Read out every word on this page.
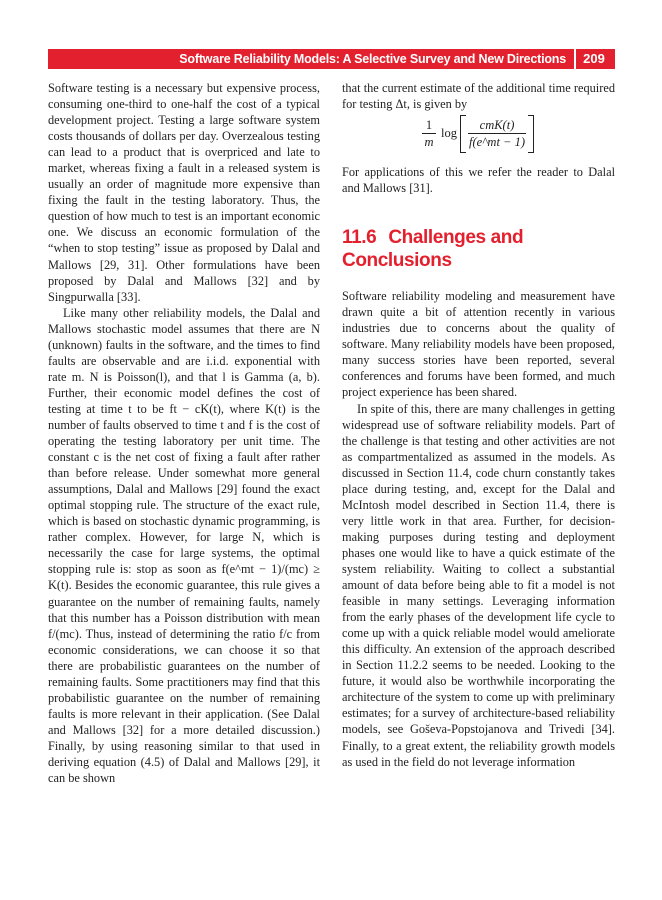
Software Reliability Models: A Selective Survey and New Directions	209

Software testing is a necessary but expensive process, consuming one-third to one-half the cost of a typical development project. Testing a large software system costs thousands of dollars per day. Overzealous testing can lead to a product that is overpriced and late to market, whereas fixing a fault in a released system is usually an order of magnitude more expensive than fixing the fault in the testing laboratory. Thus, the question of how much to test is an important economic one. We discuss an economic formulation of the “when to stop testing” issue as proposed by Dalal and Mallows [29, 31]. Other formulations have been proposed by Dalal and Mallows [32] and by Singpurwalla [33].

Like many other reliability models, the Dalal and Mallows stochastic model assumes that there are N (unknown) faults in the software, and the times to find faults are observable and are i.i.d. exponential with rate m. N is Poisson(l), and that l is Gamma (a, b). Further, their economic model defines the cost of testing at time t to be ft − cK(t), where K(t) is the number of faults observed to time t and f is the cost of operating the testing laboratory per unit time. The constant c is the net cost of fixing a fault after rather than before release. Under somewhat more general assumptions, Dalal and Mallows [29] found the exact optimal stopping rule. The structure of the exact rule, which is based on stochastic dynamic programming, is rather complex. However, for large N, which is necessarily the case for large systems, the optimal stopping rule is: stop as soon as f(e^mt − 1)/(mc) ≥ K(t). Besides the economic guarantee, this rule gives a guarantee on the number of remaining faults, namely that this number has a Poisson distribution with mean f/(mc). Thus, instead of determining the ratio f/c from economic considerations, we can choose it so that there are probabilistic guarantees on the number of remaining faults. Some practitioners may find that this probabilistic guarantee on the number of remaining faults is more relevant in their application. (See Dalal and Mallows [32] for a more detailed discussion.) Finally, by using reasoning similar to that used in deriving equation (4.5) of Dalal and Mallows [29], it can be shown

that the current estimate of the additional time required for testing Δt, is given by

$\frac{1}{m}$ log
cmK(t)
f(e^mt − 1)

For applications of this we refer the reader to Dalal and Mallows [31].

11.6 Challenges and
Conclusions

Software reliability modeling and measurement have drawn quite a bit of attention recently in various industries due to concerns about the quality of software. Many reliability models have been proposed, many success stories have been reported, several conferences and forums have been formed, and much project experience has been shared.

In spite of this, there are many challenges in getting widespread use of software reliability models. Part of the challenge is that testing and other activities are not as compartmentalized as assumed in the models. As discussed in Section 11.4, code churn constantly takes place during testing, and, except for the Dalal and McIntosh model described in Section 11.4, there is very little work in that area. Further, for decision-making purposes during testing and deployment phases one would like to have a quick estimate of the system reliability. Waiting to collect a substantial amount of data before being able to fit a model is not feasible in many settings. Leveraging information from the early phases of the development life cycle to come up with a quick reliable model would ameliorate this difficulty. An extension of the approach described in Section 11.2.2 seems to be needed. Looking to the future, it would also be worthwhile incorporating the architecture of the system to come up with preliminary estimates; for a survey of architecture-based reliability models, see Goševa-Popstojanova and Trivedi [34]. Finally, to a great extent, the reliability growth models as used in the field do not leverage information
